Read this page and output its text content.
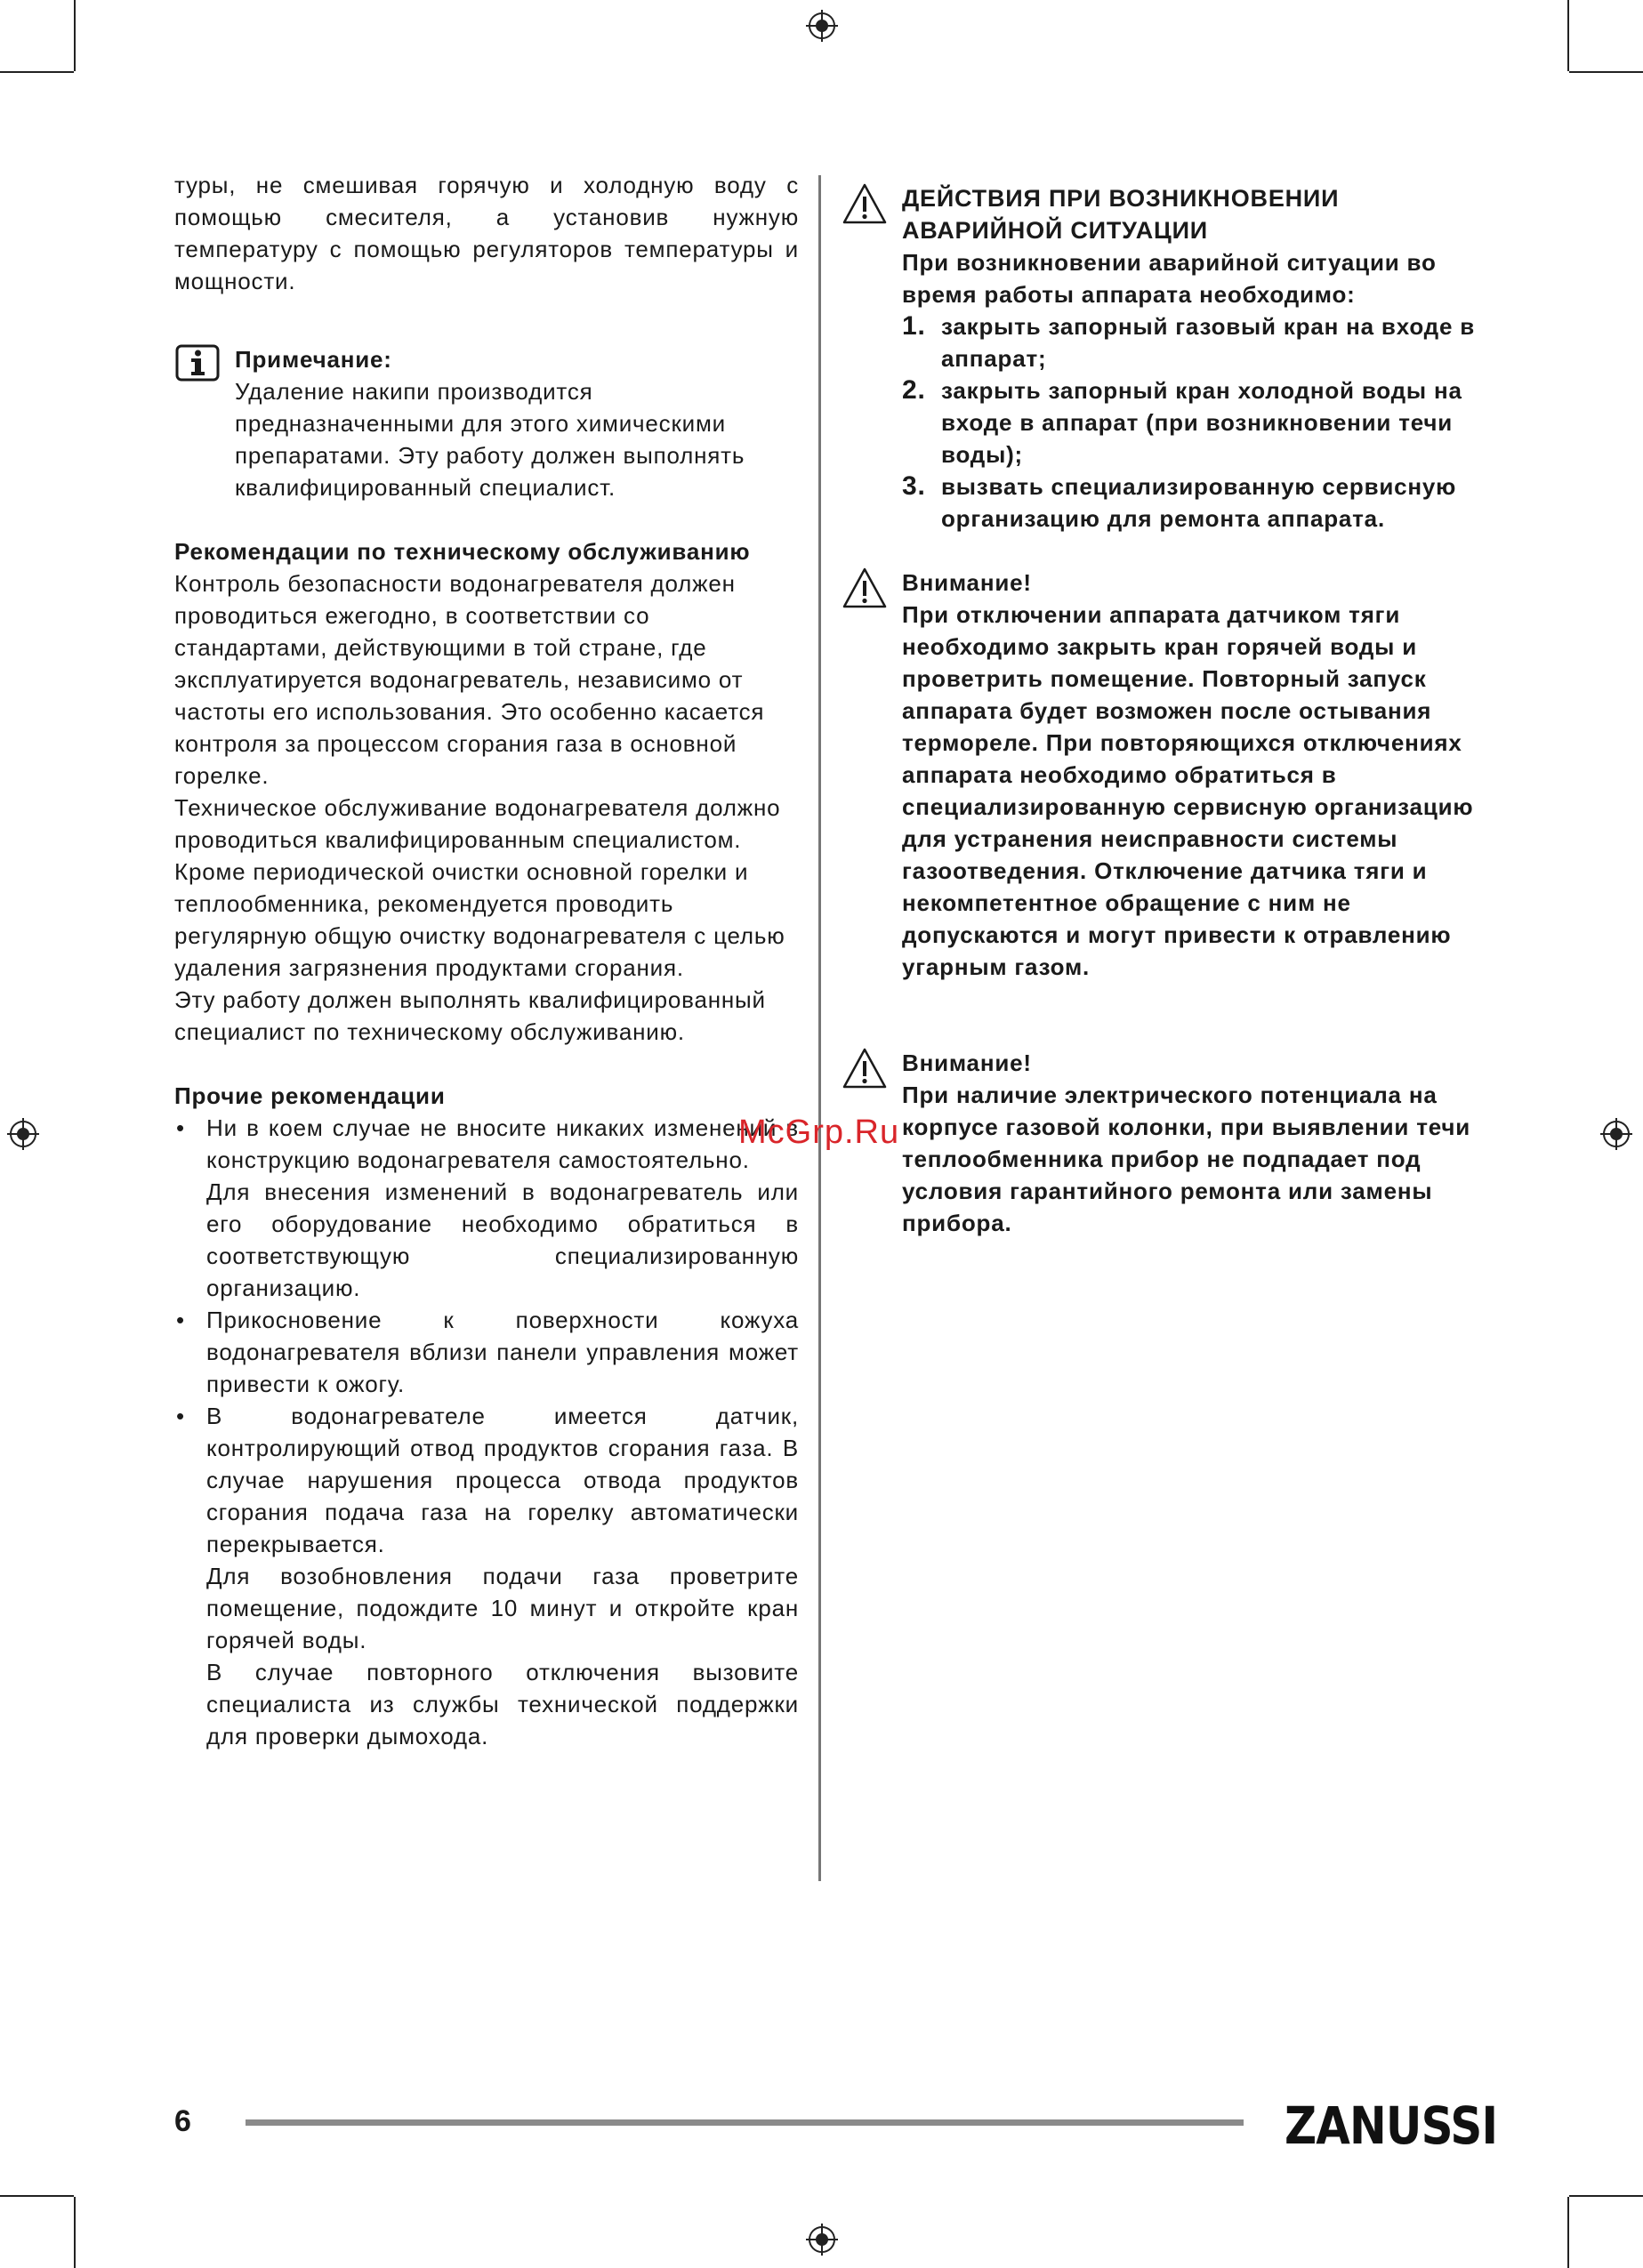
туры, не смешивая горячую и холодную воду с помощью смесителя, а установив нужную температуру с помощью регуляторов температуры и мощности.

Примечание:

Удаление накипи производится предназначенными для этого химическими препаратами. Эту работу должен выполнять квалифицированный специалист.

Рекомендации по техническому обслуживанию

Контроль безопасности водонагревателя должен проводиться ежегодно, в соответствии со стандартами, действующими в той стране, где эксплуатируется водонагреватель, независимо от частоты его использования. Это особенно касается контроля за процессом сгорания газа в основной горелке.

Техническое обслуживание водонагревателя должно проводиться квалифицированным специалистом.

Кроме периодической очистки основной горелки и теплообменника, рекомендуется проводить регулярную общую очистку водонагревателя с целью удаления загрязнения продуктами сгорания.

Эту работу должен выполнять квалифицированный специалист по техническому обслуживанию.

Прочие рекомендации

• Ни в коем случае не вносите никаких изменений в конструкцию водонагревателя самостоятельно.

Для внесения изменений в водонагреватель или его оборудование необходимо обратиться в соответствующую специализированную организацию.

• Прикосновение к поверхности кожуха водонагревателя вблизи панели управления может привести к ожогу.

• В водонагревателе имеется датчик, контролирующий отвод продуктов сгорания газа. В случае нарушения процесса отвода продуктов сгорания подача газа на горелку автоматически перекрывается.

Для возобновления подачи газа проветрите помещение, подождите 10 минут и откройте кран горячей воды.

В случае повторного отключения вызовите специалиста из службы технической поддержки для проверки дымохода.

ДЕЙСТВИЯ ПРИ ВОЗНИКНОВЕНИИ АВАРИЙНОЙ СИТУАЦИИ

При возникновении аварийной ситуации во время работы аппарата необходимо:

1. закрыть запорный газовый кран на входе в аппарат;
2. закрыть запорный кран холодной воды на входе в аппарат (при возникновении течи воды);
3. вызвать специализированную сервисную организацию для ремонта аппарата.

Внимание!

При отключении аппарата датчиком тяги необходимо закрыть кран горячей воды и проветрить помещение. Повторный запуск аппарата будет возможен после остывания термореле. При повторяющихся отключениях аппарата необходимо обратиться в специализированную сервисную организацию для устранения неисправности системы газоотведения. Отключение датчика тяги и некомпетентное обращение с ним не допускаются и могут привести к отравлению угарным газом.

Внимание!

При наличие электрического потенциала на корпусе газовой колонки, при выявлении течи теплообменника прибор не подпадает под условия гарантийного ремонта или замены прибора.

McGrp.Ru
6	ZANUSSI
